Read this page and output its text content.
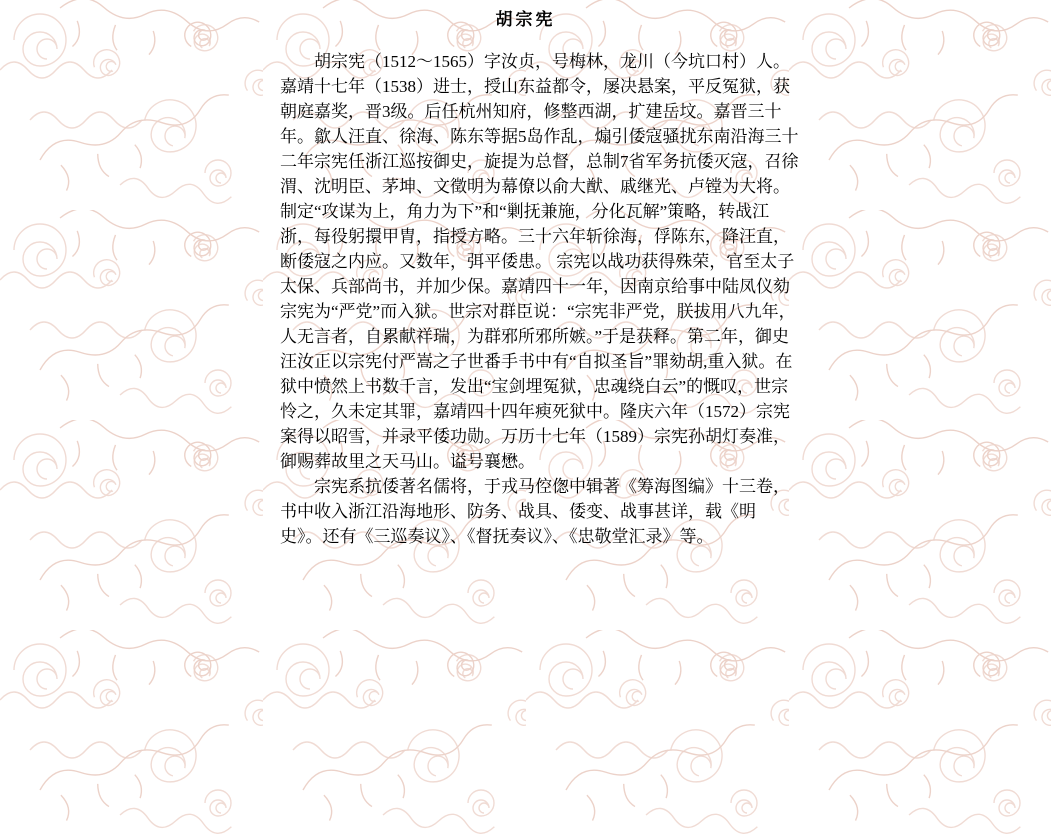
胡宗宪
　　胡宗宪（1512～1565）字汝贞，号梅林，龙川（今坑口村）人。
嘉靖十七年（1538）进士，授山东益都令，屡决悬案，平反冤狱，获
朝庭嘉奖，晋3级。后任杭州知府，修整西湖，扩建岳坟。嘉晋三十
年。歙人汪直、徐海、陈东等据5岛作乱，煽引倭寇骚扰东南沿海三十
二年宗宪任浙江巡按御史，旋提为总督，总制7省军务抗倭灭寇，召徐
渭、沈明臣、茅坤、文徵明为幕僚以俞大猷、戚继光、卢镗为大将。
制定“攻谋为上，角力为下”和“剿抚兼施，分化瓦解”策略，转战江
浙，每役躬擐甲胄，指授方略。三十六年斩徐海，俘陈东，降汪直，
断倭寇之内应。又数年，弭平倭患。 宗宪以战功获得殊荣，官至太子
太保、兵部尚书，并加少保。嘉靖四十一年，因南京给事中陆凤仪劾
宗宪为“严党”而入狱。世宗对群臣说：“宗宪非严党，朕拔用八九年，
人无言者，自累献祥瑞，为群邪所邪所嫉。”于是获释。第二年，御史
汪汝正以宗宪付严嵩之子世番手书中有“自拟圣旨”罪劾胡,重入狱。在
狱中愤然上书数千言，发出“宝剑埋冤狱，忠魂绕白云”的慨叹，世宗
怜之，久未定其罪，嘉靖四十四年瘐死狱中。隆庆六年（1572）宗宪
案得以昭雪，并录平倭功勋。万历十七年（1589）宗宪孙胡灯奏准，
御赐葬故里之天马山。谥号襄懋。
　　宗宪系抗倭著名儒将，于戎马倥偬中辑著《筹海图编》十三卷，
书中收入浙江沿海地形、防务、战具、倭变、战事甚详，载《明
史》。还有《三巡奏议》、《督抚奏议》、《忠敬堂汇录》等。
